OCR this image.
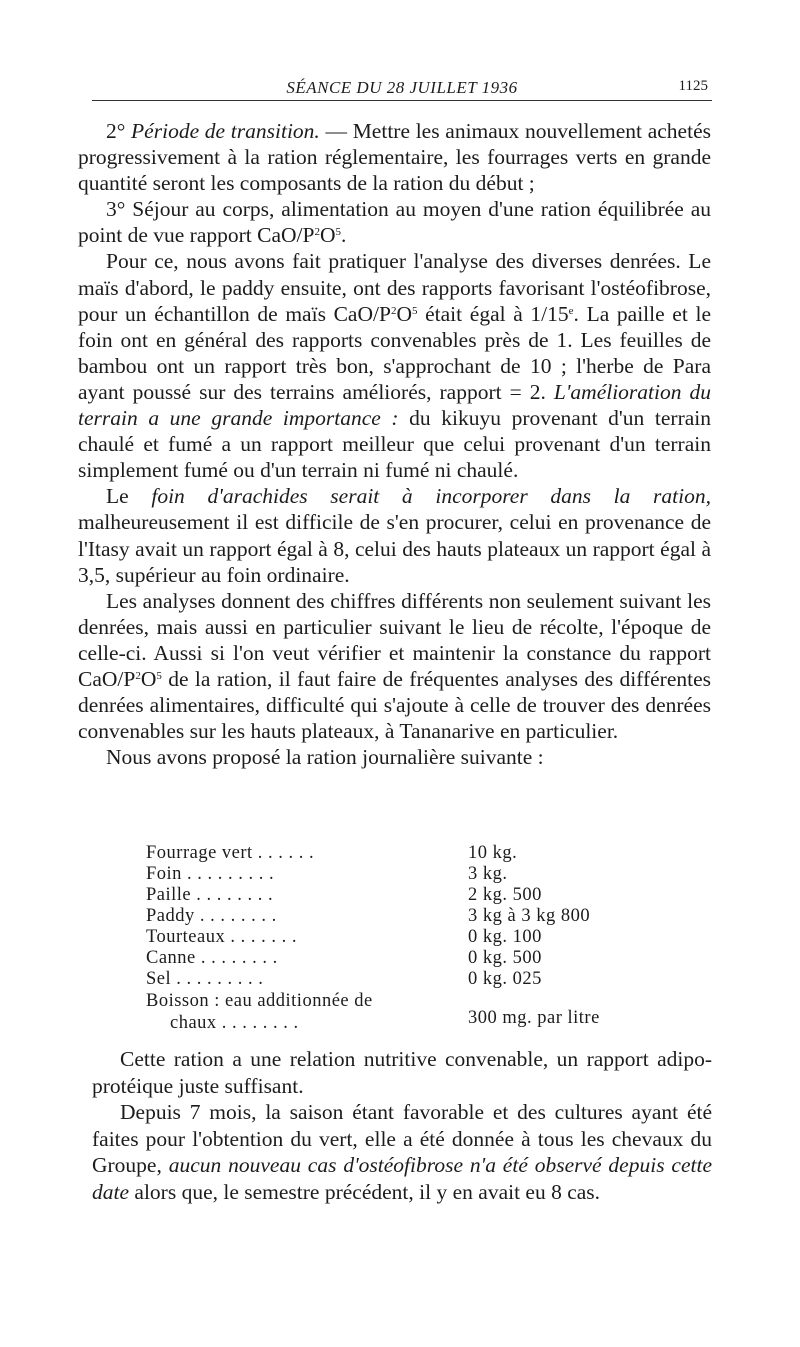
SÉANCE DU 28 JUILLET 1936	1125

2° Période de transition. — Mettre les animaux nouvellement achetés progressivement à la ration réglementaire, les fourrages verts en grande quantité seront les composants de la ration du début ;

3° Séjour au corps, alimentation au moyen d'une ration équilibrée au point de vue rapport CaO/$P^2O^5$.

Pour ce, nous avons fait pratiquer l'analyse des diverses denrées. Le maïs d'abord, le paddy ensuite, ont des rapports favorisant l'ostéofibrose, pour un échantillon de maïs CaO/$P^2O^5$ était égal à 1/15e. La paille et le foin ont en général des rapports convenables près de 1. Les feuilles de bambou ont un rapport très bon, s'approchant de 10 ; l'herbe de Para ayant poussé sur des terrains améliorés, rapport = 2. L'amélioration du terrain a une grande importance : du kikuyu provenant d'un terrain chaulé et fumé a un rapport meilleur que celui provenant d'un terrain simplement fumé ou d'un terrain ni fumé ni chaulé.

Le foin d'arachides serait à incorporer dans la ration, malheureusement il est difficile de s'en procurer, celui en provenance de l'Itasy avait un rapport égal à 8, celui des hauts plateaux un rapport égal à 3,5, supérieur au foin ordinaire.

Les analyses donnent des chiffres différents non seulement suivant les denrées, mais aussi en particulier suivant le lieu de récolte, l'époque de celle-ci. Aussi si l'on veut vérifier et maintenir la constance du rapport CaO/$P^2O^5$ de la ration, il faut faire de fréquentes analyses des différentes denrées alimentaires, difficulté qui s'ajoute à celle de trouver des denrées convenables sur les hauts plateaux, à Tananarive en particulier.

Nous avons proposé la ration journalière suivante :

Fourrage vert . . . . . .	10 kg.
Foin . . . . . . . . .	3 kg.
Paille . . . . . . . .	2 kg. 500
Paddy . . . . . . . .	3 kg à 3 kg 800
Tourteaux . . . . . . .	0 kg. 100
Canne . . . . . . . .	0 kg. 500
Sel . . . . . . . . .	0 kg. 025
Boisson : eau additionnée de
chaux . . . . . . . .	300 mg. par litre

Cette ration a une relation nutritive convenable, un rapport adipo-protéique juste suffisant.

Depuis 7 mois, la saison étant favorable et des cultures ayant été faites pour l'obtention du vert, elle a été donnée à tous les chevaux du Groupe, aucun nouveau cas d'ostéofibrose n'a été observé depuis cette date alors que, le semestre précédent, il y en avait eu 8 cas.
